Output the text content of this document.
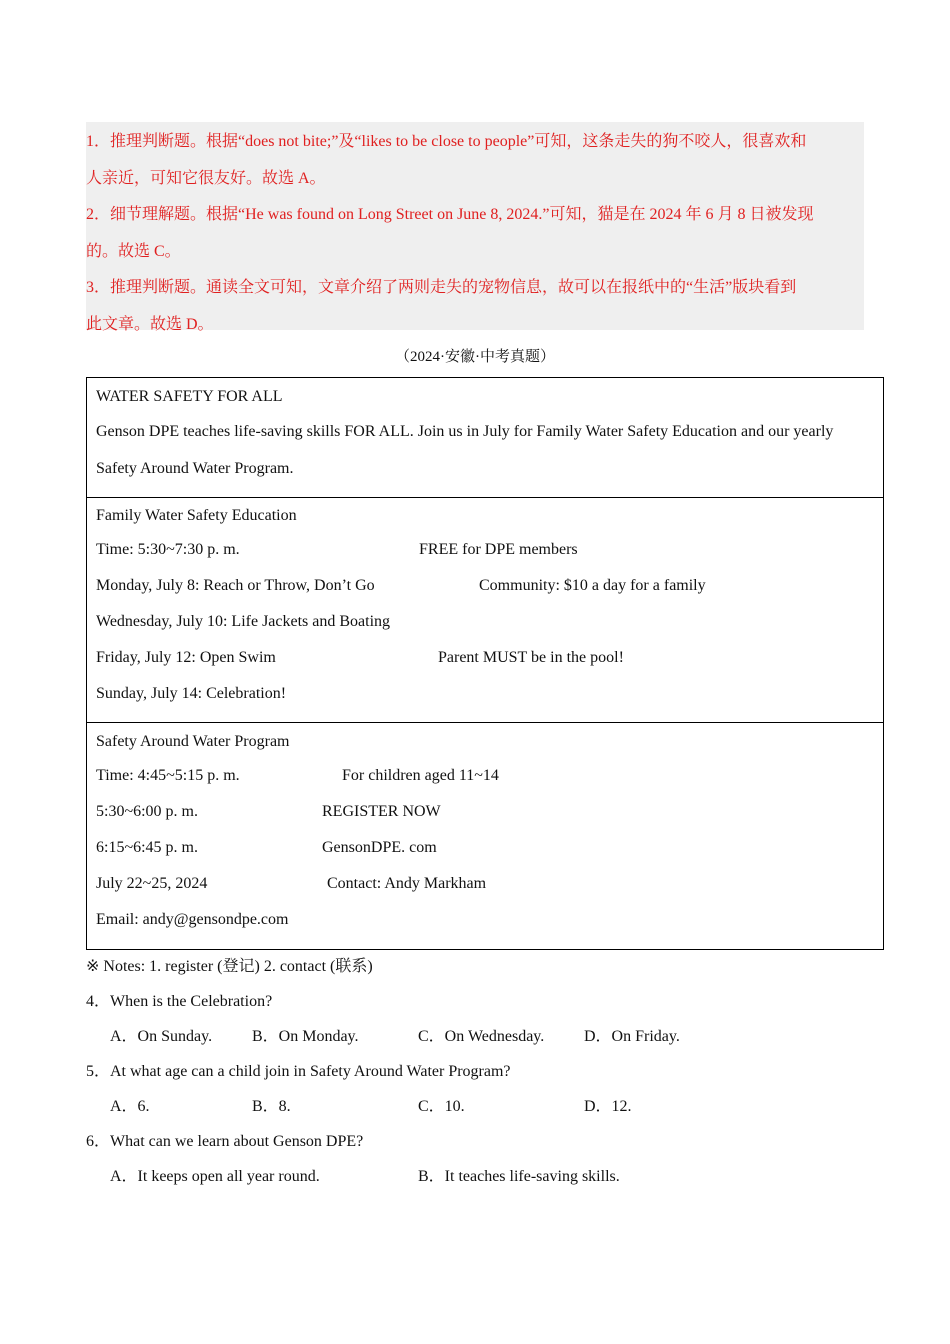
1．推理判断题。根据“does not bite;”及“likes to be close to people”可知，这条走失的狗不咬人，很喜欢和
人亲近，可知它很友好。故选 A。
2．细节理解题。根据“He was found on Long Street on June 8, 2024.”可知，猫是在 2024 年 6 月 8 日被发现
的。故选 C。
3．推理判断题。通读全文可知，文章介绍了两则走失的宠物信息，故可以在报纸中的“生活”版块看到
此文章。故选 D。
（2024·安徽·中考真题）
WATER SAFETY FOR ALL
Genson DPE teaches life-saving skills FOR ALL. Join us in July for Family Water Safety Education and our yearly
Safety Around Water Program.
Family Water Safety Education
Time: 5:30~7:30 p. m.	FREE for DPE members
Monday, July 8: Reach or Throw, Don’t Go	Community: $10 a day for a family
Wednesday, July 10: Life Jackets and Boating
Friday, July 12: Open Swim	Parent MUST be in the pool!
Sunday, July 14: Celebration!
Safety Around Water Program
Time: 4:45~5:15 p. m.	For children aged 11~14
5:30~6:00 p. m.	REGISTER NOW
6:15~6:45 p. m.	GensonDPE. com
July 22~25, 2024	Contact: Andy Markham
Email: andy@gensondpe.com
※ Notes: 1. register (登记) 2. contact (联系)
4．When is the Celebration?
A．On Sunday. B．On Monday.	C．On Wednesday. D．On Friday.
5．At what age can a child join in Safety Around Water Program?
A．6.	B．8.	C．10.	D．12.
6．What can we learn about Genson DPE?
A．It keeps open all year round.	B．It teaches life-saving skills.
